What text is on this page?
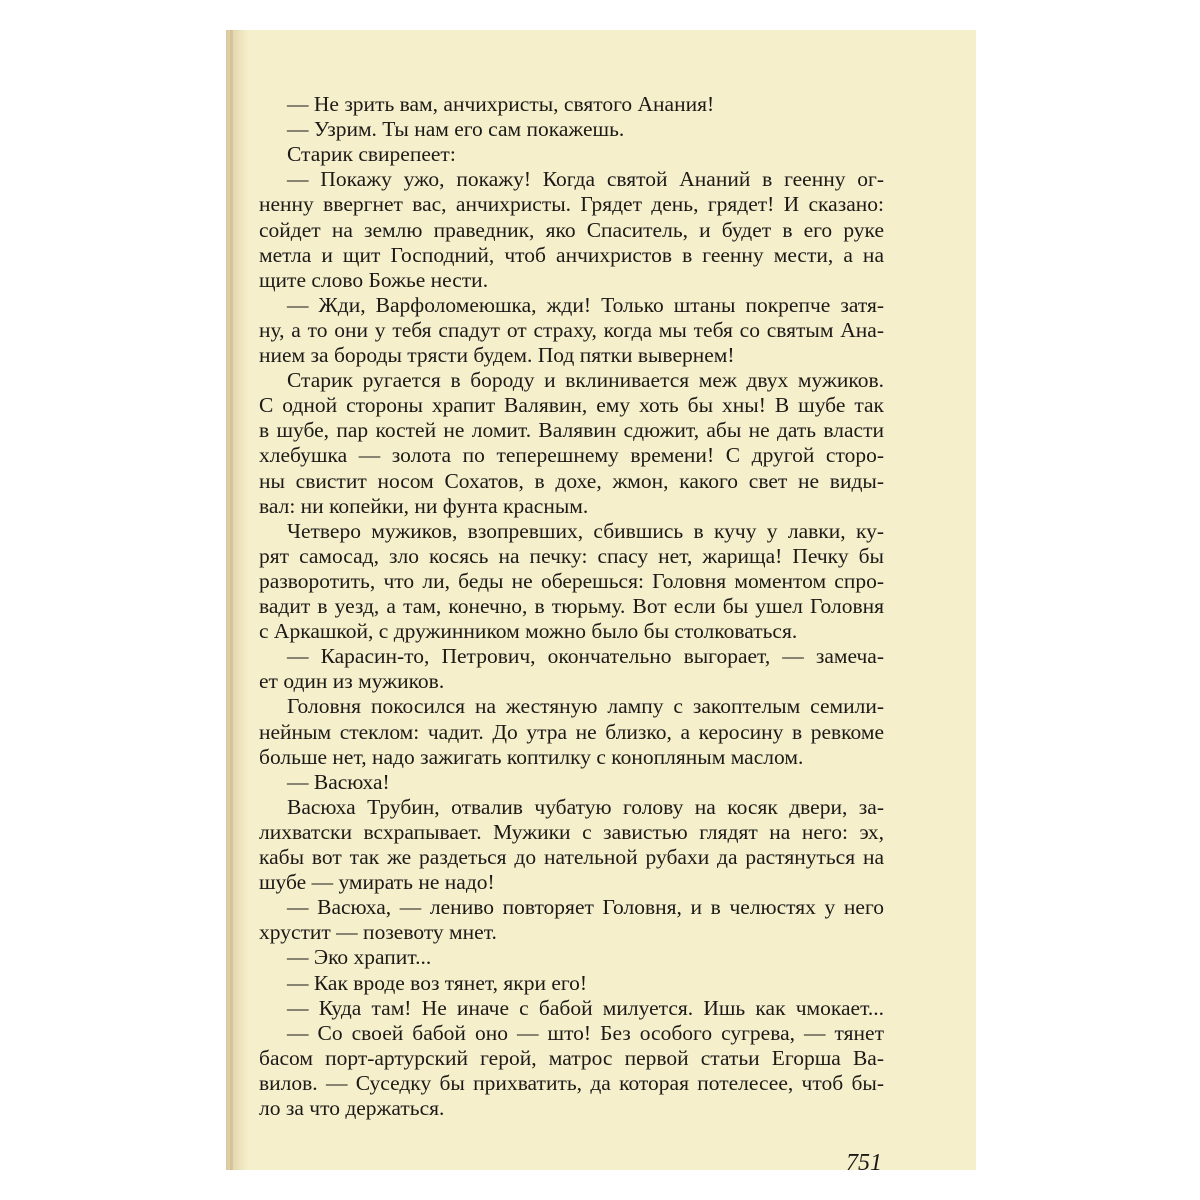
— Не зрить вам, анчихристы, святого Анания!
— Узрим. Ты нам его сам покажешь.
Старик свирепеет:
— Покажу ужо, покажу! Когда святой Ананий в геенну ог-
ненну ввергнет вас, анчихристы. Грядет день, грядет! И сказано:
сойдет на землю праведник, яко Спаситель, и будет в его руке
метла и щит Господний, чтоб анчихристов в геенну мести, а на
щите слово Божье нести.
— Жди, Варфоломеюшка, жди! Только штаны покрепче затя-
ну, а то они у тебя спадут от страху, когда мы тебя со святым Ана-
нием за бороды трясти будем. Под пятки вывернем!
Старик ругается в бороду и вклинивается меж двух мужиков.
С одной стороны храпит Валявин, ему хоть бы хны! В шубе так
в шубе, пар костей не ломит. Валявин сдюжит, абы не дать власти
хлебушка — золота по теперешнему времени! С другой сторо-
ны свистит носом Сохатов, в дохе, жмон, какого свет не виды-
вал: ни копейки, ни фунта красным.
Четверо мужиков, взопревших, сбившись в кучу у лавки, ку-
рят самосад, зло косясь на печку: спасу нет, жарища! Печку бы
разворотить, что ли, беды не оберешься: Головня моментом спро-
вадит в уезд, а там, конечно, в тюрьму. Вот если бы ушел Головня
с Аркашкой, с дружинником можно было бы столковаться.
— Карасин-то, Петрович, окончательно выгорает, — замеча-
ет один из мужиков.
Головня покосился на жестяную лампу с закоптелым семили-
нейным стеклом: чадит. До утра не близко, а керосину в ревкоме
больше нет, надо зажигать коптилку с конопляным маслом.
— Васюха!
Васюха Трубин, отвалив чубатую голову на косяк двери, за-
лихватски всхрапывает. Мужики с завистью глядят на него: эх,
кабы вот так же раздеться до нательной рубахи да растянуться на
шубе — умирать не надо!
— Васюха, — лениво повторяет Головня, и в челюстях у него
хрустит — позевоту мнет.
— Эко храпит...
— Как вроде воз тянет, якри его!
— Куда там! Не иначе с бабой милуется. Ишь как чмокает...
— Со своей бабой оно — што! Без особого сугрева, — тянет
басом порт-артурский герой, матрос первой статьи Егорша Ва-
вилов. — Суседку бы прихватить, да которая потелесее, чтоб бы-
ло за что держаться.
751
